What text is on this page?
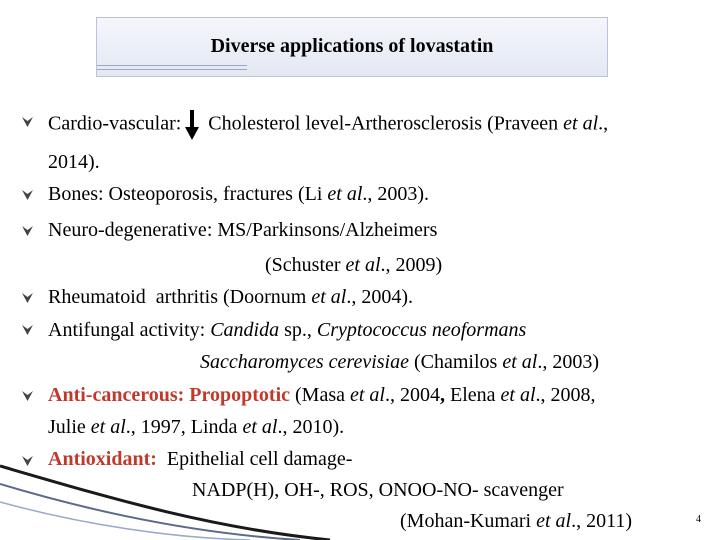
Diverse applications of lovastatin
Cardio-vascular: Cholesterol level-Artherosclerosis (Praveen et al.,
2014).
Bones: Osteoporosis, fractures (Li et al., 2003).
Neuro-degenerative: MS/Parkinsons/Alzheimers
(Schuster et al., 2009)
Rheumatoid  arthritis (Doornum et al., 2004).
Antifungal activity: Candida sp., Cryptococcus neoformans
Saccharomyces cerevisiae (Chamilos et al., 2003)
Anti-cancerous: Propoptotic (Masa et al., 2004, Elena et al., 2008,
Julie et al., 1997, Linda et al., 2010).
Antioxidant:  Epithelial cell damage-
NADP(H), OH-, ROS, ONOO-NO- scavenger
(Mohan-Kumari et al., 2011)	4
